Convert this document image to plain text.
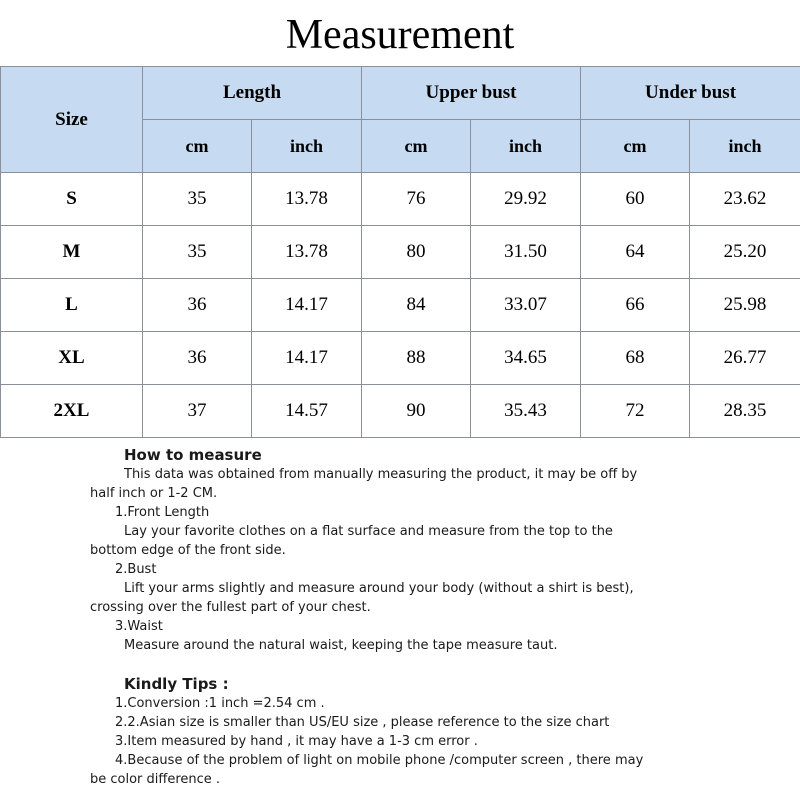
Measurement
Size	Length		Upper bust		Under bust	
	cm	inch	cm	inch	cm	inch
S	35	13.78	76	29.92	60	23.62
M	35	13.78	80	31.50	64	25.20
L	36	14.17	84	33.07	66	25.98
XL	36	14.17	88	34.65	68	26.77
2XL	37	14.57	90	35.43	72	28.35
How to measure
This data was obtained from manually measuring the product, it may be off by
half inch or 1-2 CM.
1.Front Length
Lay your favorite clothes on a flat surface and measure from the top to the
bottom edge of the front side.
2.Bust
Lift your arms slightly and measure around your body (without a shirt is best),
crossing over the fullest part of your chest.
3.Waist
Measure around the natural waist, keeping the tape measure taut.
Kindly Tips :
1.Conversion :1 inch =2.54 cm .
2.2.Asian size is smaller than US/EU size , please reference to the size chart
3.Item measured by hand , it may have a 1-3 cm error .
4.Because of the problem of light on mobile phone /computer screen , there may
be color difference .
